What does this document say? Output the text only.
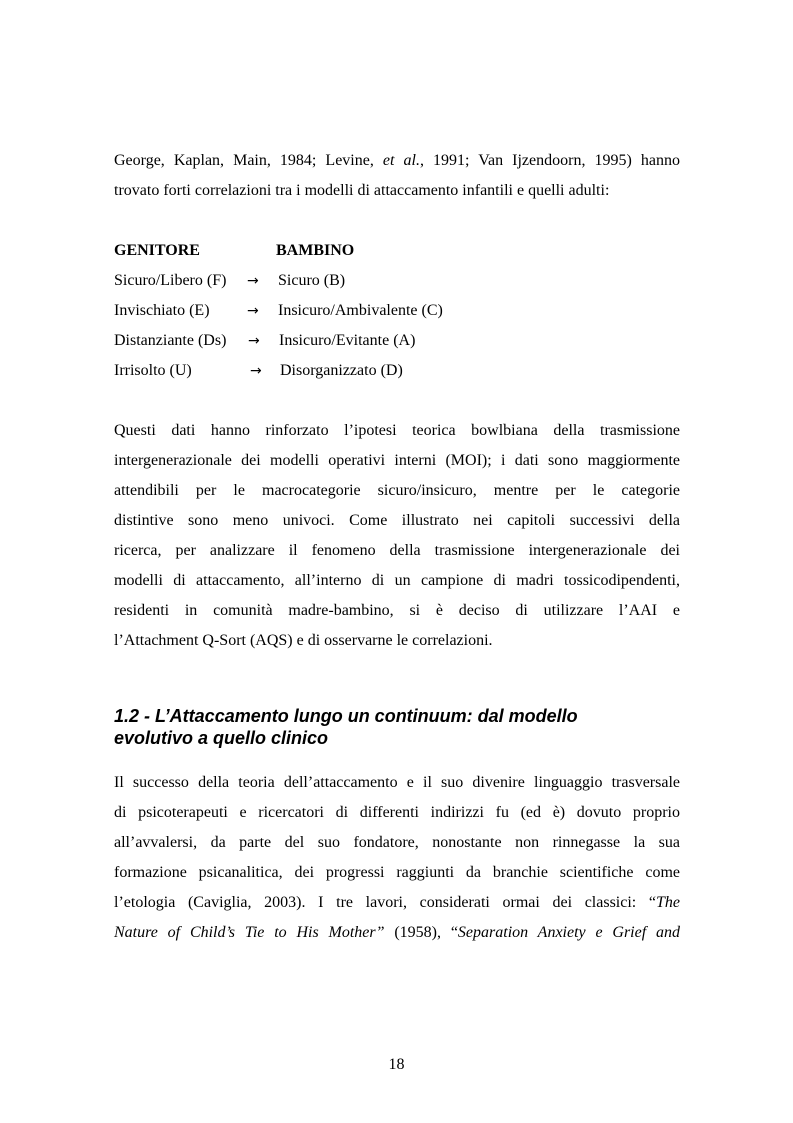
George, Kaplan, Main, 1984; Levine, et al., 1991; Van Ijzendoorn, 1995) hanno
trovato forti correlazioni tra i modelli di attaccamento infantili e quelli adulti:
GENITORE	BAMBINO
Sicuro/Libero (F) → Sicuro (B)
Invischiato (E)	→ Insicuro/Ambivalente (C)
Distanziante (Ds) → Insicuro/Evitante (A)
Irrisolto (U)	→ Disorganizzato (D)
Questi dati hanno rinforzato l’ipotesi teorica bowlbiana della trasmissione
intergenerazionale dei modelli operativi interni (MOI); i dati sono maggiormente
attendibili per le macrocategorie sicuro/insicuro, mentre per le categorie
distintive sono meno univoci. Come illustrato nei capitoli successivi della
ricerca, per analizzare il fenomeno della trasmissione intergenerazionale dei
modelli di attaccamento, all’interno di un campione di madri tossicodipendenti,
residenti in comunità madre-bambino, si è deciso di utilizzare l’AAI e
l’Attachment Q-Sort (AQS) e di osservarne le correlazioni.
1.2 - L’Attaccamento lungo un continuum: dal modello
evolutivo a quello clinico
Il successo della teoria dell’attaccamento e il suo divenire linguaggio trasversale
di psicoterapeuti e ricercatori di differenti indirizzi fu (ed è) dovuto proprio
all’avvalersi, da parte del suo fondatore, nonostante non rinnegasse la sua
formazione psicanalitica, dei progressi raggiunti da branchie scientifiche come
l’etologia (Caviglia, 2003). I tre lavori, considerati ormai dei classici: “The
Nature of Child’s Tie to His Mother” (1958), “Separation Anxiety e Grief and
18
